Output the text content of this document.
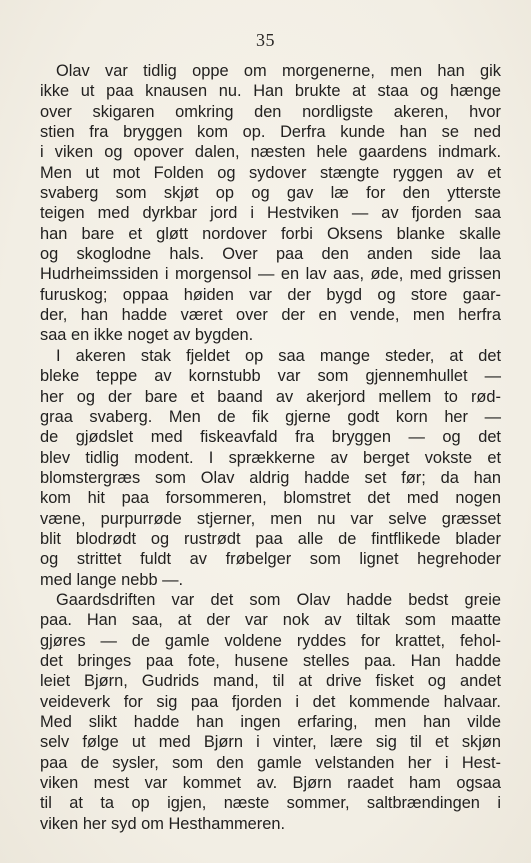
35
Olav var tidlig oppe om morgenerne, men han gik
ikke ut paa knausen nu. Han brukte at staa og hænge
over skigaren omkring den nordligste akeren, hvor
stien fra bryggen kom op. Derfra kunde han se ned
i viken og opover dalen, næsten hele gaardens indmark.
Men ut mot Folden og sydover stængte ryggen av et
svaberg som skjøt op og gav læ for den ytterste
teigen med dyrkbar jord i Hestviken — av fjorden saa
han bare et gløtt nordover forbi Oksens blanke skalle
og skoglodne hals. Over paa den anden side laa
Hudrheimssiden i morgensol — en lav aas, øde, med grissen
furuskog; oppaa høiden var der bygd og store gaar-
der, han hadde været over der en vende, men herfra
saa en ikke noget av bygden.
I akeren stak fjeldet op saa mange steder, at det
bleke teppe av kornstubb var som gjennemhullet —
her og der bare et baand av akerjord mellem to rød-
graa svaberg. Men de fik gjerne godt korn her —
de gjødslet med fiskeavfald fra bryggen — og det
blev tidlig modent. I sprækkerne av berget vokste et
blomstergræs som Olav aldrig hadde set før; da han
kom hit paa forsommeren, blomstret det med nogen
væne, purpurrøde stjerner, men nu var selve græsset
blit blodrødt og rustrødt paa alle de fintflikede blader
og strittet fuldt av frøbelger som lignet hegrehoder
med lange nebb —.
Gaardsdriften var det som Olav hadde bedst greie
paa. Han saa, at der var nok av tiltak som maatte
gjøres — de gamle voldene ryddes for krattet, fehol-
det bringes paa fote, husene stelles paa. Han hadde
leiet Bjørn, Gudrids mand, til at drive fisket og andet
veideverk for sig paa fjorden i det kommende halvaar.
Med slikt hadde han ingen erfaring, men han vilde
selv følge ut med Bjørn i vinter, lære sig til et skjøn
paa de sysler, som den gamle velstanden her i Hest-
viken mest var kommet av. Bjørn raadet ham ogsaa
til at ta op igjen, næste sommer, saltbrændingen i
viken her syd om Hesthammeren.
